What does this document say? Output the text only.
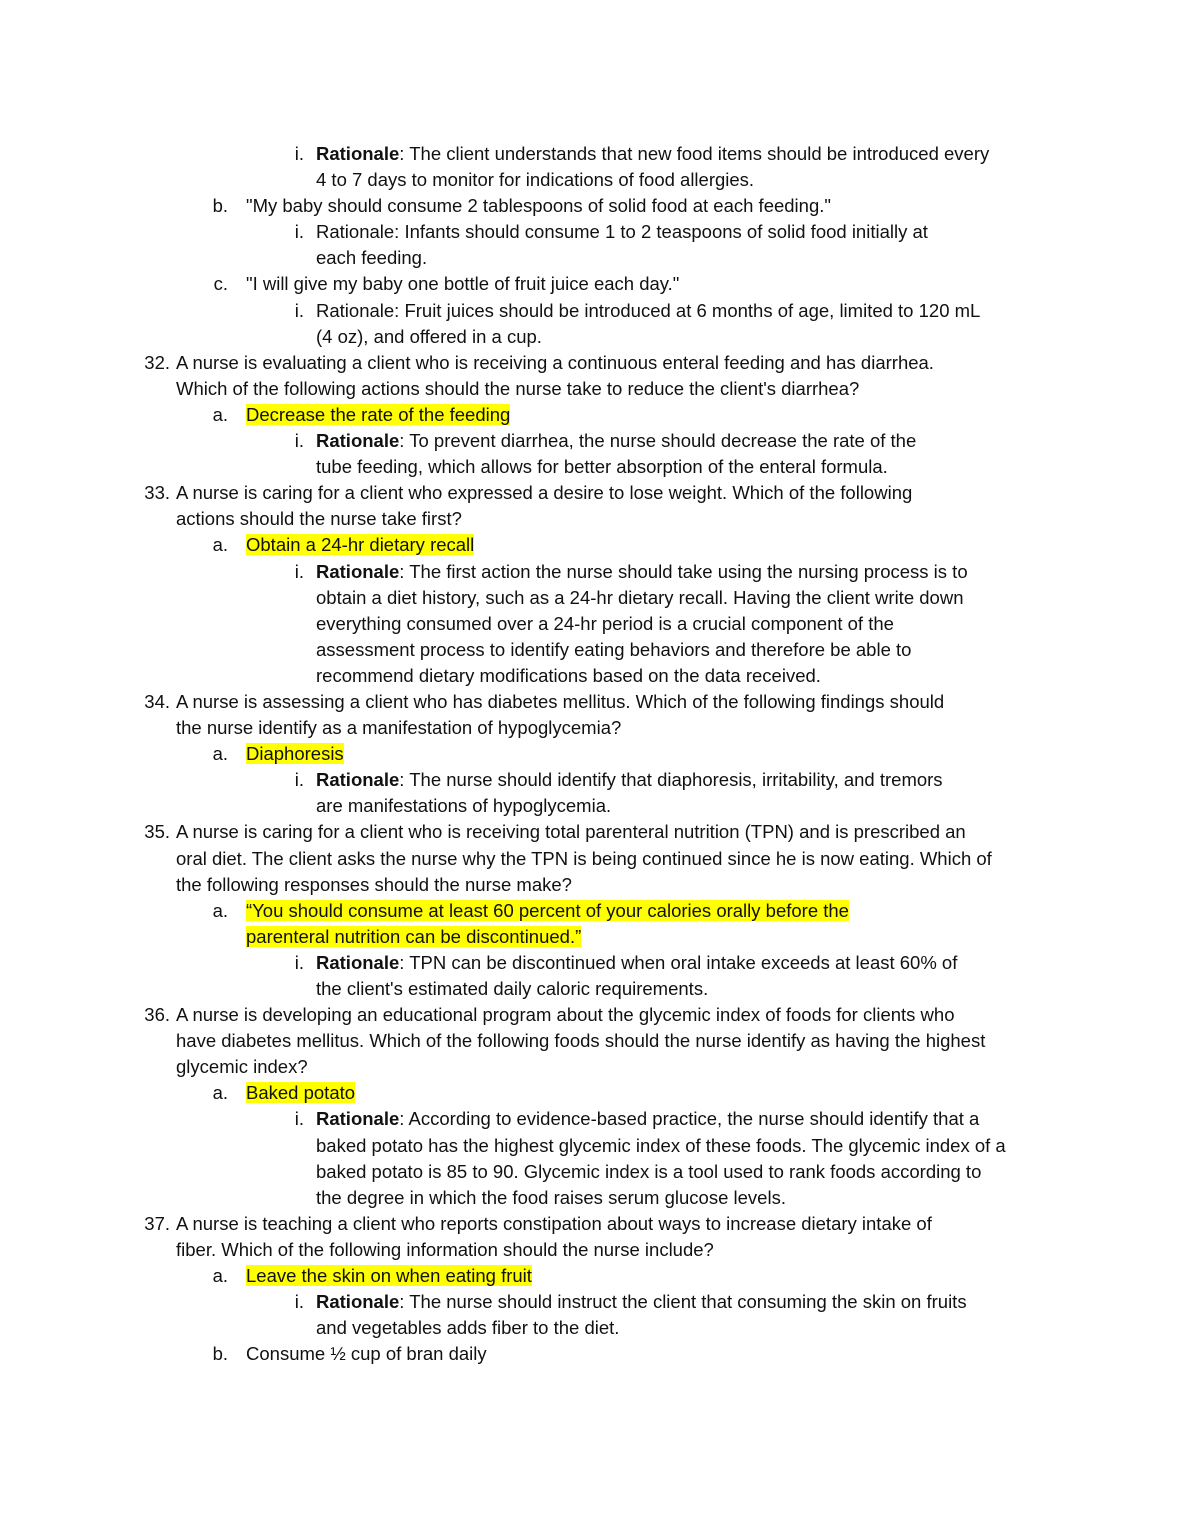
i. Rationale: The client understands that new food items should be introduced every
4 to 7 days to monitor for indications of food allergies.
b. "My baby should consume 2 tablespoons of solid food at each feeding."
i. Rationale: Infants should consume 1 to 2 teaspoons of solid food initially at
each feeding.
c. "I will give my baby one bottle of fruit juice each day."
i. Rationale: Fruit juices should be introduced at 6 months of age, limited to 120 mL
(4 oz), and offered in a cup.
32. A nurse is evaluating a client who is receiving a continuous enteral feeding and has diarrhea.
Which of the following actions should the nurse take to reduce the client's diarrhea?
a. Decrease the rate of the feeding
i. Rationale: To prevent diarrhea, the nurse should decrease the rate of the
tube feeding, which allows for better absorption of the enteral formula.
33. A nurse is caring for a client who expressed a desire to lose weight. Which of the following
actions should the nurse take first?
a. Obtain a 24-hr dietary recall
i. Rationale: The first action the nurse should take using the nursing process is to
obtain a diet history, such as a 24-hr dietary recall. Having the client write down
everything consumed over a 24-hr period is a crucial component of the
assessment process to identify eating behaviors and therefore be able to
recommend dietary modifications based on the data received.
34. A nurse is assessing a client who has diabetes mellitus. Which of the following findings should
the nurse identify as a manifestation of hypoglycemia?
a. Diaphoresis
i. Rationale: The nurse should identify that diaphoresis, irritability, and tremors
are manifestations of hypoglycemia.
35. A nurse is caring for a client who is receiving total parenteral nutrition (TPN) and is prescribed an
oral diet. The client asks the nurse why the TPN is being continued since he is now eating. Which of
the following responses should the nurse make?
a. “You should consume at least 60 percent of your calories orally before the
parenteral nutrition can be discontinued.”
i. Rationale: TPN can be discontinued when oral intake exceeds at least 60% of
the client's estimated daily caloric requirements.
36. A nurse is developing an educational program about the glycemic index of foods for clients who
have diabetes mellitus. Which of the following foods should the nurse identify as having the highest
glycemic index?
a. Baked potato
i. Rationale: According to evidence-based practice, the nurse should identify that a
baked potato has the highest glycemic index of these foods. The glycemic index of a
baked potato is 85 to 90. Glycemic index is a tool used to rank foods according to
the degree in which the food raises serum glucose levels.
37. A nurse is teaching a client who reports constipation about ways to increase dietary intake of
fiber. Which of the following information should the nurse include?
a. Leave the skin on when eating fruit
i. Rationale: The nurse should instruct the client that consuming the skin on fruits
and vegetables adds fiber to the diet.
b. Consume ½ cup of bran daily
